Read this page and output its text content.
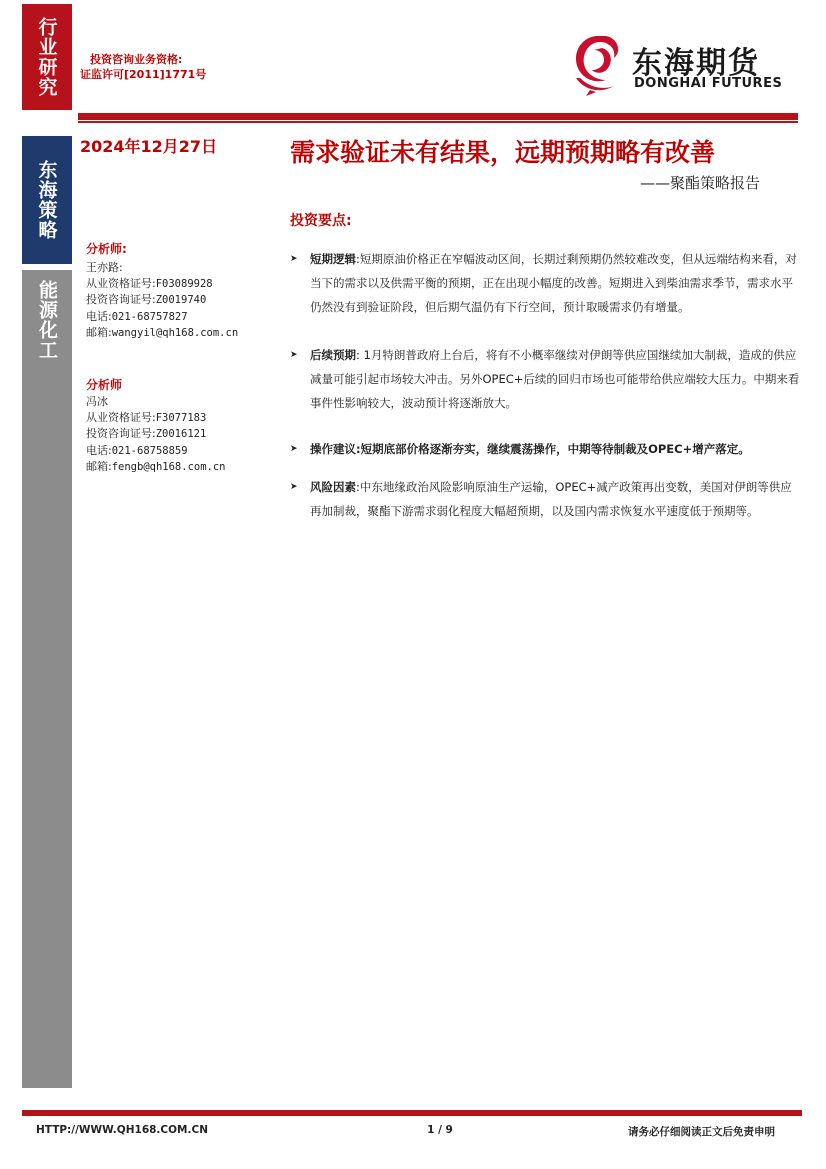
行业研究
东海策略
能源化工
投资咨询业务资格:
证监许可[2011]1771号	东海期货
DONGHAI FUTURES
2024年12月27日	需求验证未有结果，远期预期略有改善
——聚酯策略报告
分析师:
王亦路:
从业资格证号:F03089928
投资咨询证号:Z0019740
电话:021-68757827
邮箱:wangyil@qh168.com.cn
分析师
冯冰
从业资格证号:F3077183
投资咨询证号:Z0016121
电话:021-68758859
邮箱:fengb@qh168.com.cn
投资要点:
➤ 短期逻辑:短期原油价格正在窄幅波动区间，长期过剩预期仍然较难改变，但从远端结构来看，对当下的需求以及供需平衡的预期，正在出现小幅度的改善。短期进入到柴油需求季节，需求水平仍然没有到验证阶段，但后期气温仍有下行空间，预计取暖需求仍有增量。
➤ 后续预期: 1月特朗普政府上台后，将有不小概率继续对伊朗等供应国继续加大制裁，造成的供应减量可能引起市场较大冲击。另外OPEC+后续的回归市场也可能带给供应端较大压力。中期来看事件性影响较大，波动预计将逐渐放大。
➤ 操作建议:短期底部价格逐渐夯实，继续震荡操作，中期等待制裁及OPEC+增产落定。
➤ 风险因素:中东地缘政治风险影响原油生产运输，OPEC+减产政策再出变数，美国对伊朗等供应再加制裁，聚酯下游需求弱化程度大幅超预期，以及国内需求恢复水平速度低于预期等。
HTTP://WWW.QH168.COM.CN	1 / 9	请务必仔细阅读正文后免责申明
